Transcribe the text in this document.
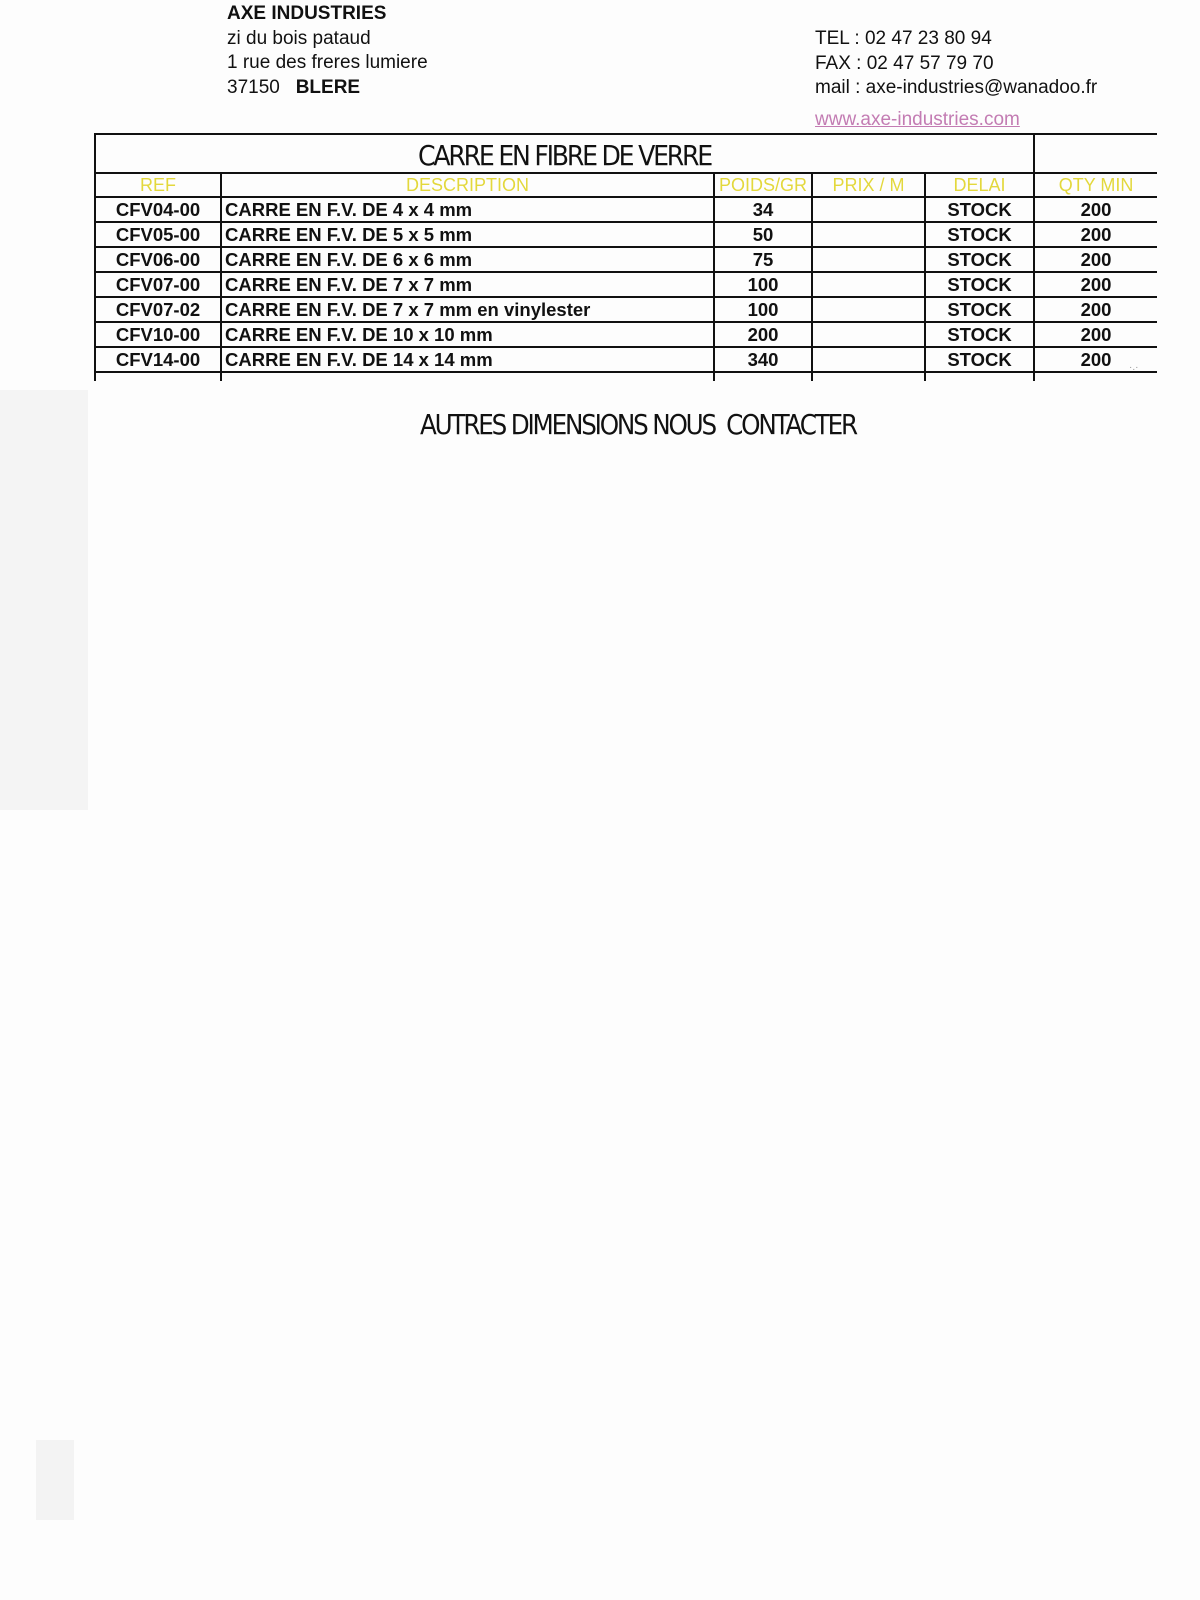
AXE INDUSTRIES
zi du bois pataud
1 rue des freres lumiere
37150 BLERE
TEL : 02 47 23 80 94
FAX : 02 47 57 79 70
mail : axe-industries@wanadoo.fr
www.axe-industries.com
CARRE EN FIBRE DE VERRE					
REF	DESCRIPTION	POIDS/GR	PRIX / M	DELAI	QTY MIN
CFV04-00	CARRE EN F.V. DE 4 x 4 mm	34		STOCK	200
CFV05-00	CARRE EN F.V. DE 5 x 5 mm	50		STOCK	200
CFV06-00	CARRE EN F.V. DE 6 x 6 mm	75		STOCK	200
CFV07-00	CARRE EN F.V. DE 7 x 7 mm	100		STOCK	200
CFV07-02	CARRE EN F.V. DE 7 x 7 mm en vinylester	100		STOCK	200
CFV10-00	CARRE EN F.V. DE 10 x 10 mm	200		STOCK	200
CFV14-00	CARRE EN F.V. DE 14 x 14 mm	340		STOCK	200
					·.·
AUTRES DIMENSIONS NOUS  CONTACTER
